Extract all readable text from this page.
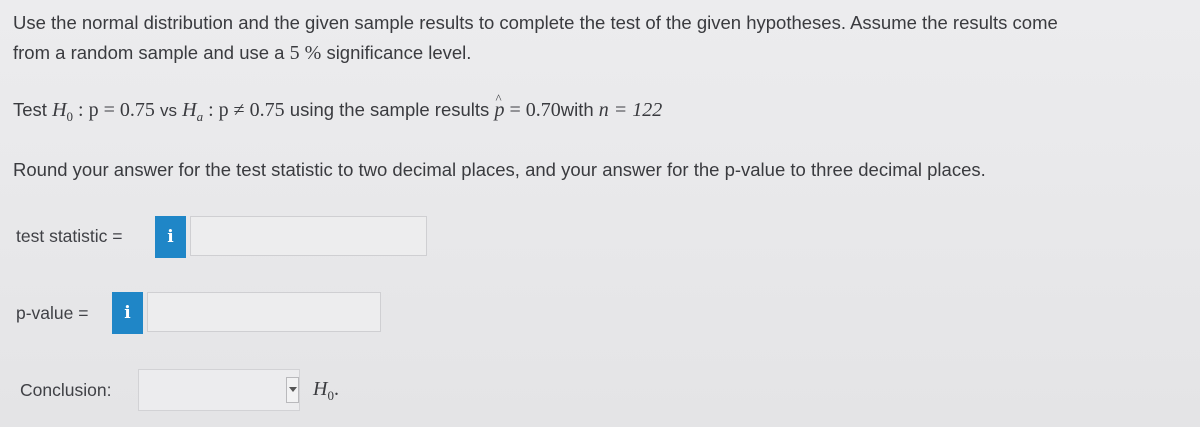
Use the normal distribution and the given sample results to complete the test of the given hypotheses. Assume the results come
from a random sample and use a 5 % significance level.
Test $H_0$ : p = 0.75 vs $H_a$ : p ≠ 0.75 using the sample results ^ p = 0.70with n = 122
Round your answer for the test statistic to two decimal places, and your answer for the p-value to three decimal places.
test statistic =	i
p-value =	i
Conclusion:	$H_0$.
